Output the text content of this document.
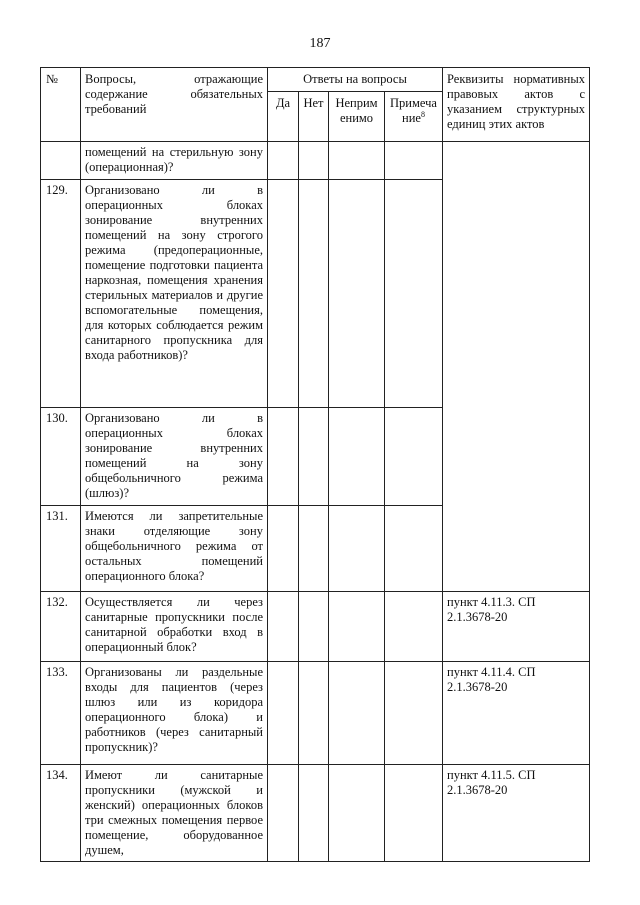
187
№	Вопросы, отражающие содержание обязательных требований	Ответы на вопросы				Реквизиты нормативных правовых актов с указанием структурных единиц этих актов
		Да	Нет	Неприм енимо	Примеча ние$^8$
	помещений на стерильную зону (операционная)?					
129.	Организовано ли в операционных блоках зонирование внутренних помещений на зону строгого режима (предоперационные, помещение подготовки пациента наркозная, помещения хранения стерильных материалов и другие вспомогательные помещения, для которых соблюдается режим санитарного пропускника для входа работников)?					
130.	Организовано ли в операционных блоках зонирование внутренних помещений на зону общебольничного режима (шлюз)?					
131.	Имеются ли запретительные знаки отделяющие зону общебольничного режима от остальных помещений операционного блока?					
132.	Осуществляется ли через санитарные пропускники после санитарной обработки вход в операционный блок?					пункт 4.11.3. СП 2.1.3678-20
133.	Организованы ли раздельные входы для пациентов (через шлюз или из коридора операционного блока) и работников (через санитарный пропускник)?					пункт 4.11.4. СП 2.1.3678-20
134.	Имеют ли санитарные пропускники (мужской и женский) операционных блоков три смежных помещения первое помещение, оборудованное душем,					пункт 4.11.5. СП 2.1.3678-20
